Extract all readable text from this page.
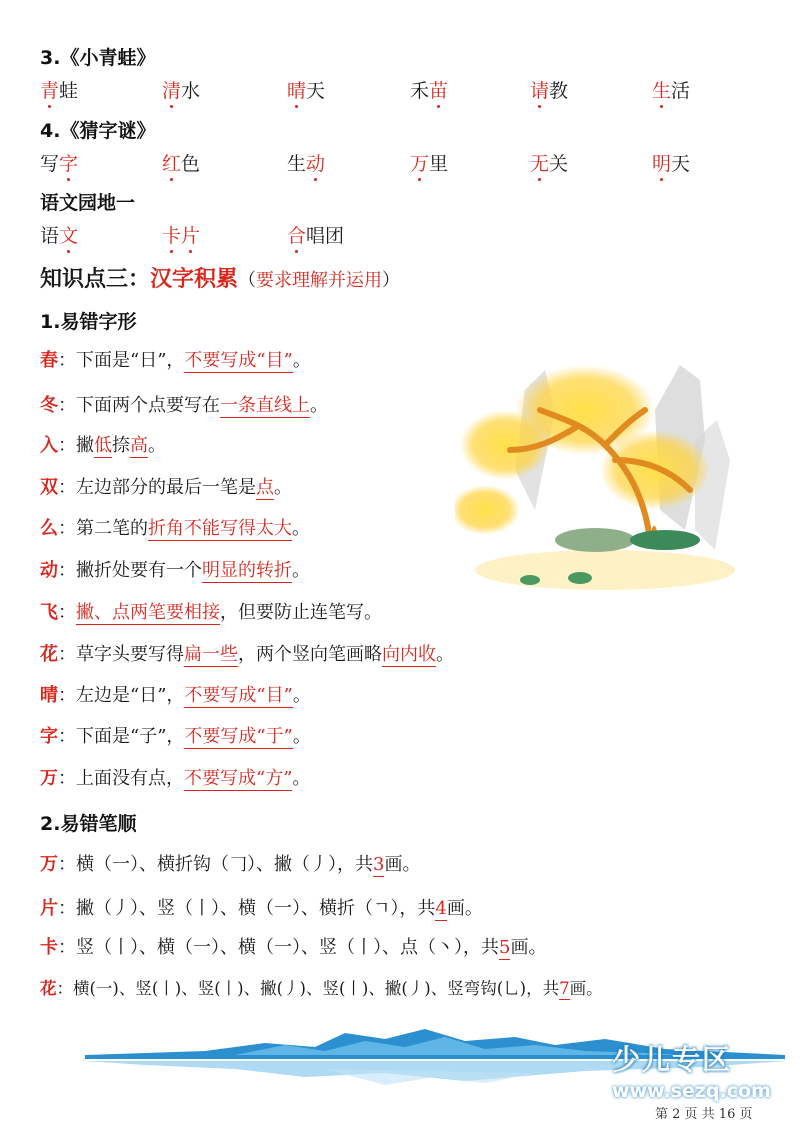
3.《小青蛙》
青蛙	清水	晴天	禾苗	请教	生活
4.《猜字谜》
写字	红色	生动	万里	无关	明天
语文园地一
语文	卡片	合唱团
知识点三：汉字积累（要求理解并运用）
1.易错字形
春：下面是“日”，不要写成“目”。
冬：下面两个点要写在一条直线上。
入：撇低捺高。
双：左边部分的最后一笔是点。
么：第二笔的折角不能写得太大。
动：撇折处要有一个明显的转折。
飞：撇、点两笔要相接，但要防止连笔写。
花：草字头要写得扁一些，两个竖向笔画略向内收。
晴：左边是“日”，不要写成“目”。
字：下面是“子”，不要写成“于”。
万：上面没有点，不要写成“方”。
2.易错笔顺
万：横（一）、横折钩（𠃌）、撇（丿），共3画。
片：撇（丿）、竖（丨）、横（一）、横折（ㄱ），共4画。
卡：竖（丨）、横（一）、横（一）、竖（丨）、点（丶），共5画。
花：横(一)、竖(丨)、竖(丨)、撇(丿)、竖(丨)、撇(丿)、竖弯钩(乚)，共7画。
少儿专区
www.sezq.com
第 2 页 共 16 页
